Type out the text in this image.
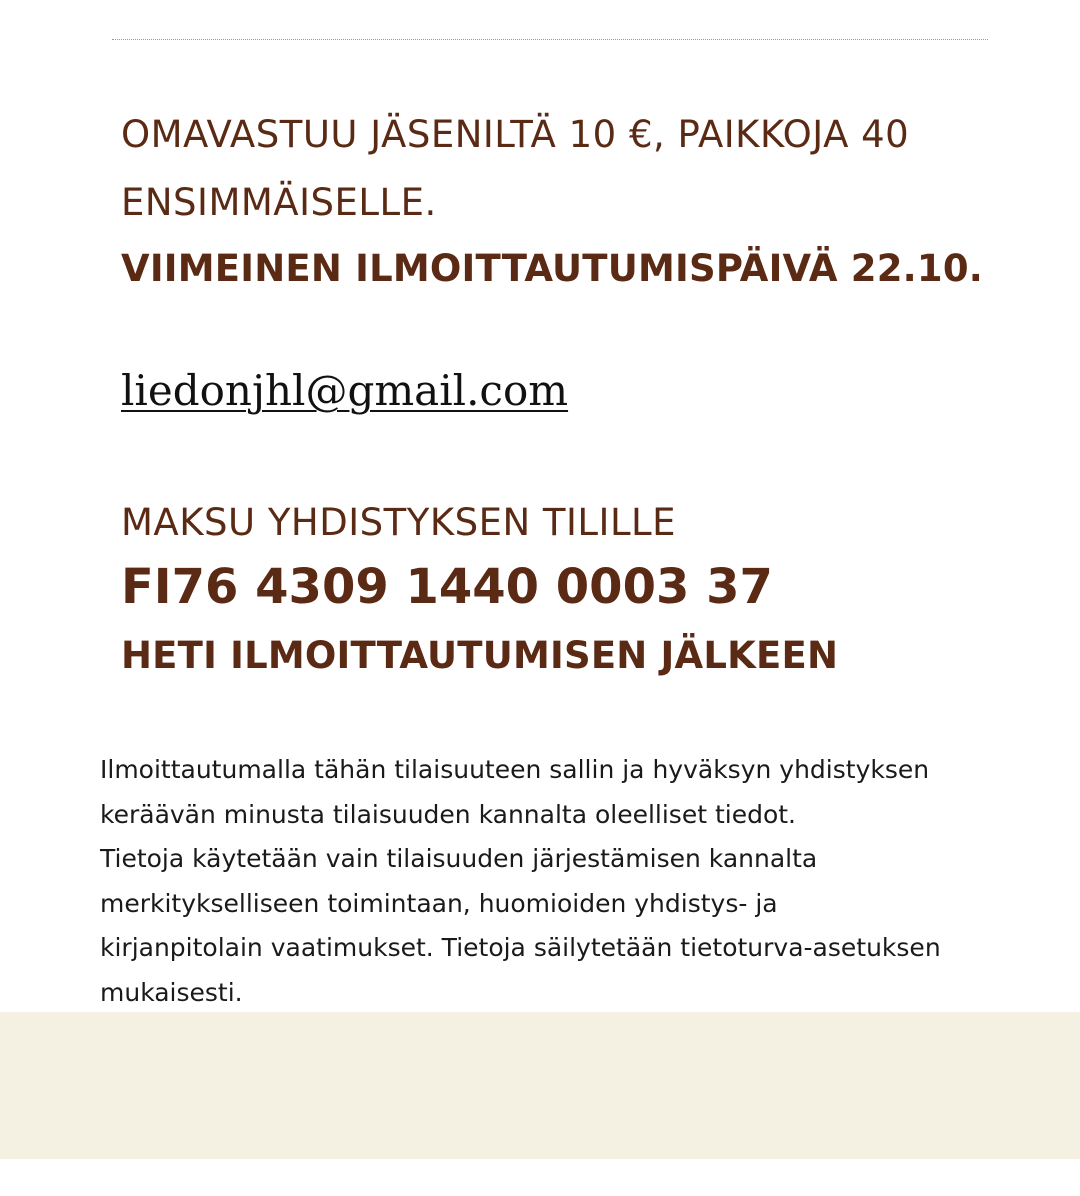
OMAVASTUU JÄSENILTÄ 10 €, PAIKKOJA 40

ENSIMMÄISELLE.

VIIMEINEN ILMOITTAUTUMISPÄIVÄ 22.10.

liedonjhl@gmail.com

MAKSU YHDISTYKSEN TILILLE

FI76 4309 1440 0003 37

HETI ILMOITTAUTUMISEN JÄLKEEN

Ilmoittautumalla tähän tilaisuuteen sallin ja hyväksyn yhdistyksen
keräävän minusta tilaisuuden kannalta oleelliset tiedot.
Tietoja käytetään vain tilaisuuden järjestämisen kannalta
merkitykselliseen toimintaan, huomioiden yhdistys- ja
kirjanpitolain vaatimukset. Tietoja säilytetään tietoturva-asetuksen
mukaisesti.
